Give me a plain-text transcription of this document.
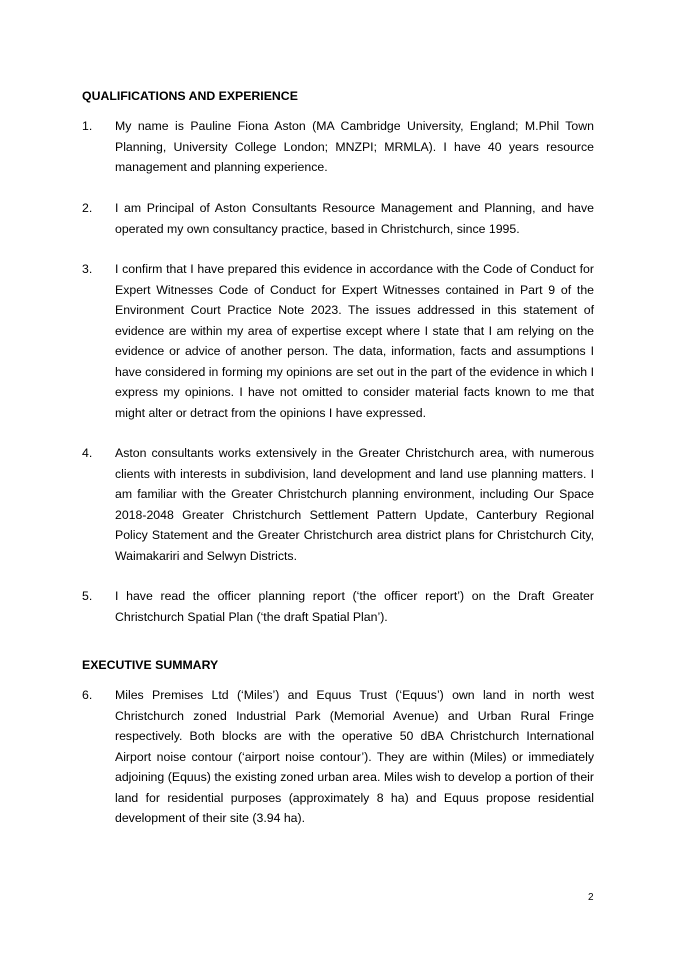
QUALIFICATIONS AND EXPERIENCE
1.	My name is Pauline Fiona Aston (MA Cambridge University, England; M.Phil Town Planning, University College London; MNZPI; MRMLA). I have 40 years resource management and planning experience.
2.	I am Principal of Aston Consultants Resource Management and Planning, and have operated my own consultancy practice, based in Christchurch, since 1995.
3.	I confirm that I have prepared this evidence in accordance with the Code of Conduct for Expert Witnesses Code of Conduct for Expert Witnesses contained in Part 9 of the Environment Court Practice Note 2023. The issues addressed in this statement of evidence are within my area of expertise except where I state that I am relying on the evidence or advice of another person. The data, information, facts and assumptions I have considered in forming my opinions are set out in the part of the evidence in which I express my opinions. I have not omitted to consider material facts known to me that might alter or detract from the opinions I have expressed.
4.	Aston consultants works extensively in the Greater Christchurch area, with numerous clients with interests in subdivision, land development and land use planning matters. I am familiar with the Greater Christchurch planning environment, including Our Space 2018-2048 Greater Christchurch Settlement Pattern Update, Canterbury Regional Policy Statement and the Greater Christchurch area district plans for Christchurch City, Waimakariri and Selwyn Districts.
5.	I have read the officer planning report (‘the officer report’) on the Draft Greater Christchurch Spatial Plan (‘the draft Spatial Plan’).
EXECUTIVE SUMMARY
6.	Miles Premises Ltd (‘Miles’) and Equus Trust (‘Equus’) own land in north west Christchurch zoned Industrial Park (Memorial Avenue) and Urban Rural Fringe respectively. Both blocks are with the operative 50 dBA Christchurch International Airport noise contour (‘airport noise contour’). They are within (Miles) or immediately adjoining (Equus) the existing zoned urban area. Miles wish to develop a portion of their land for residential purposes (approximately 8 ha) and Equus propose residential development of their site (3.94 ha).
2
